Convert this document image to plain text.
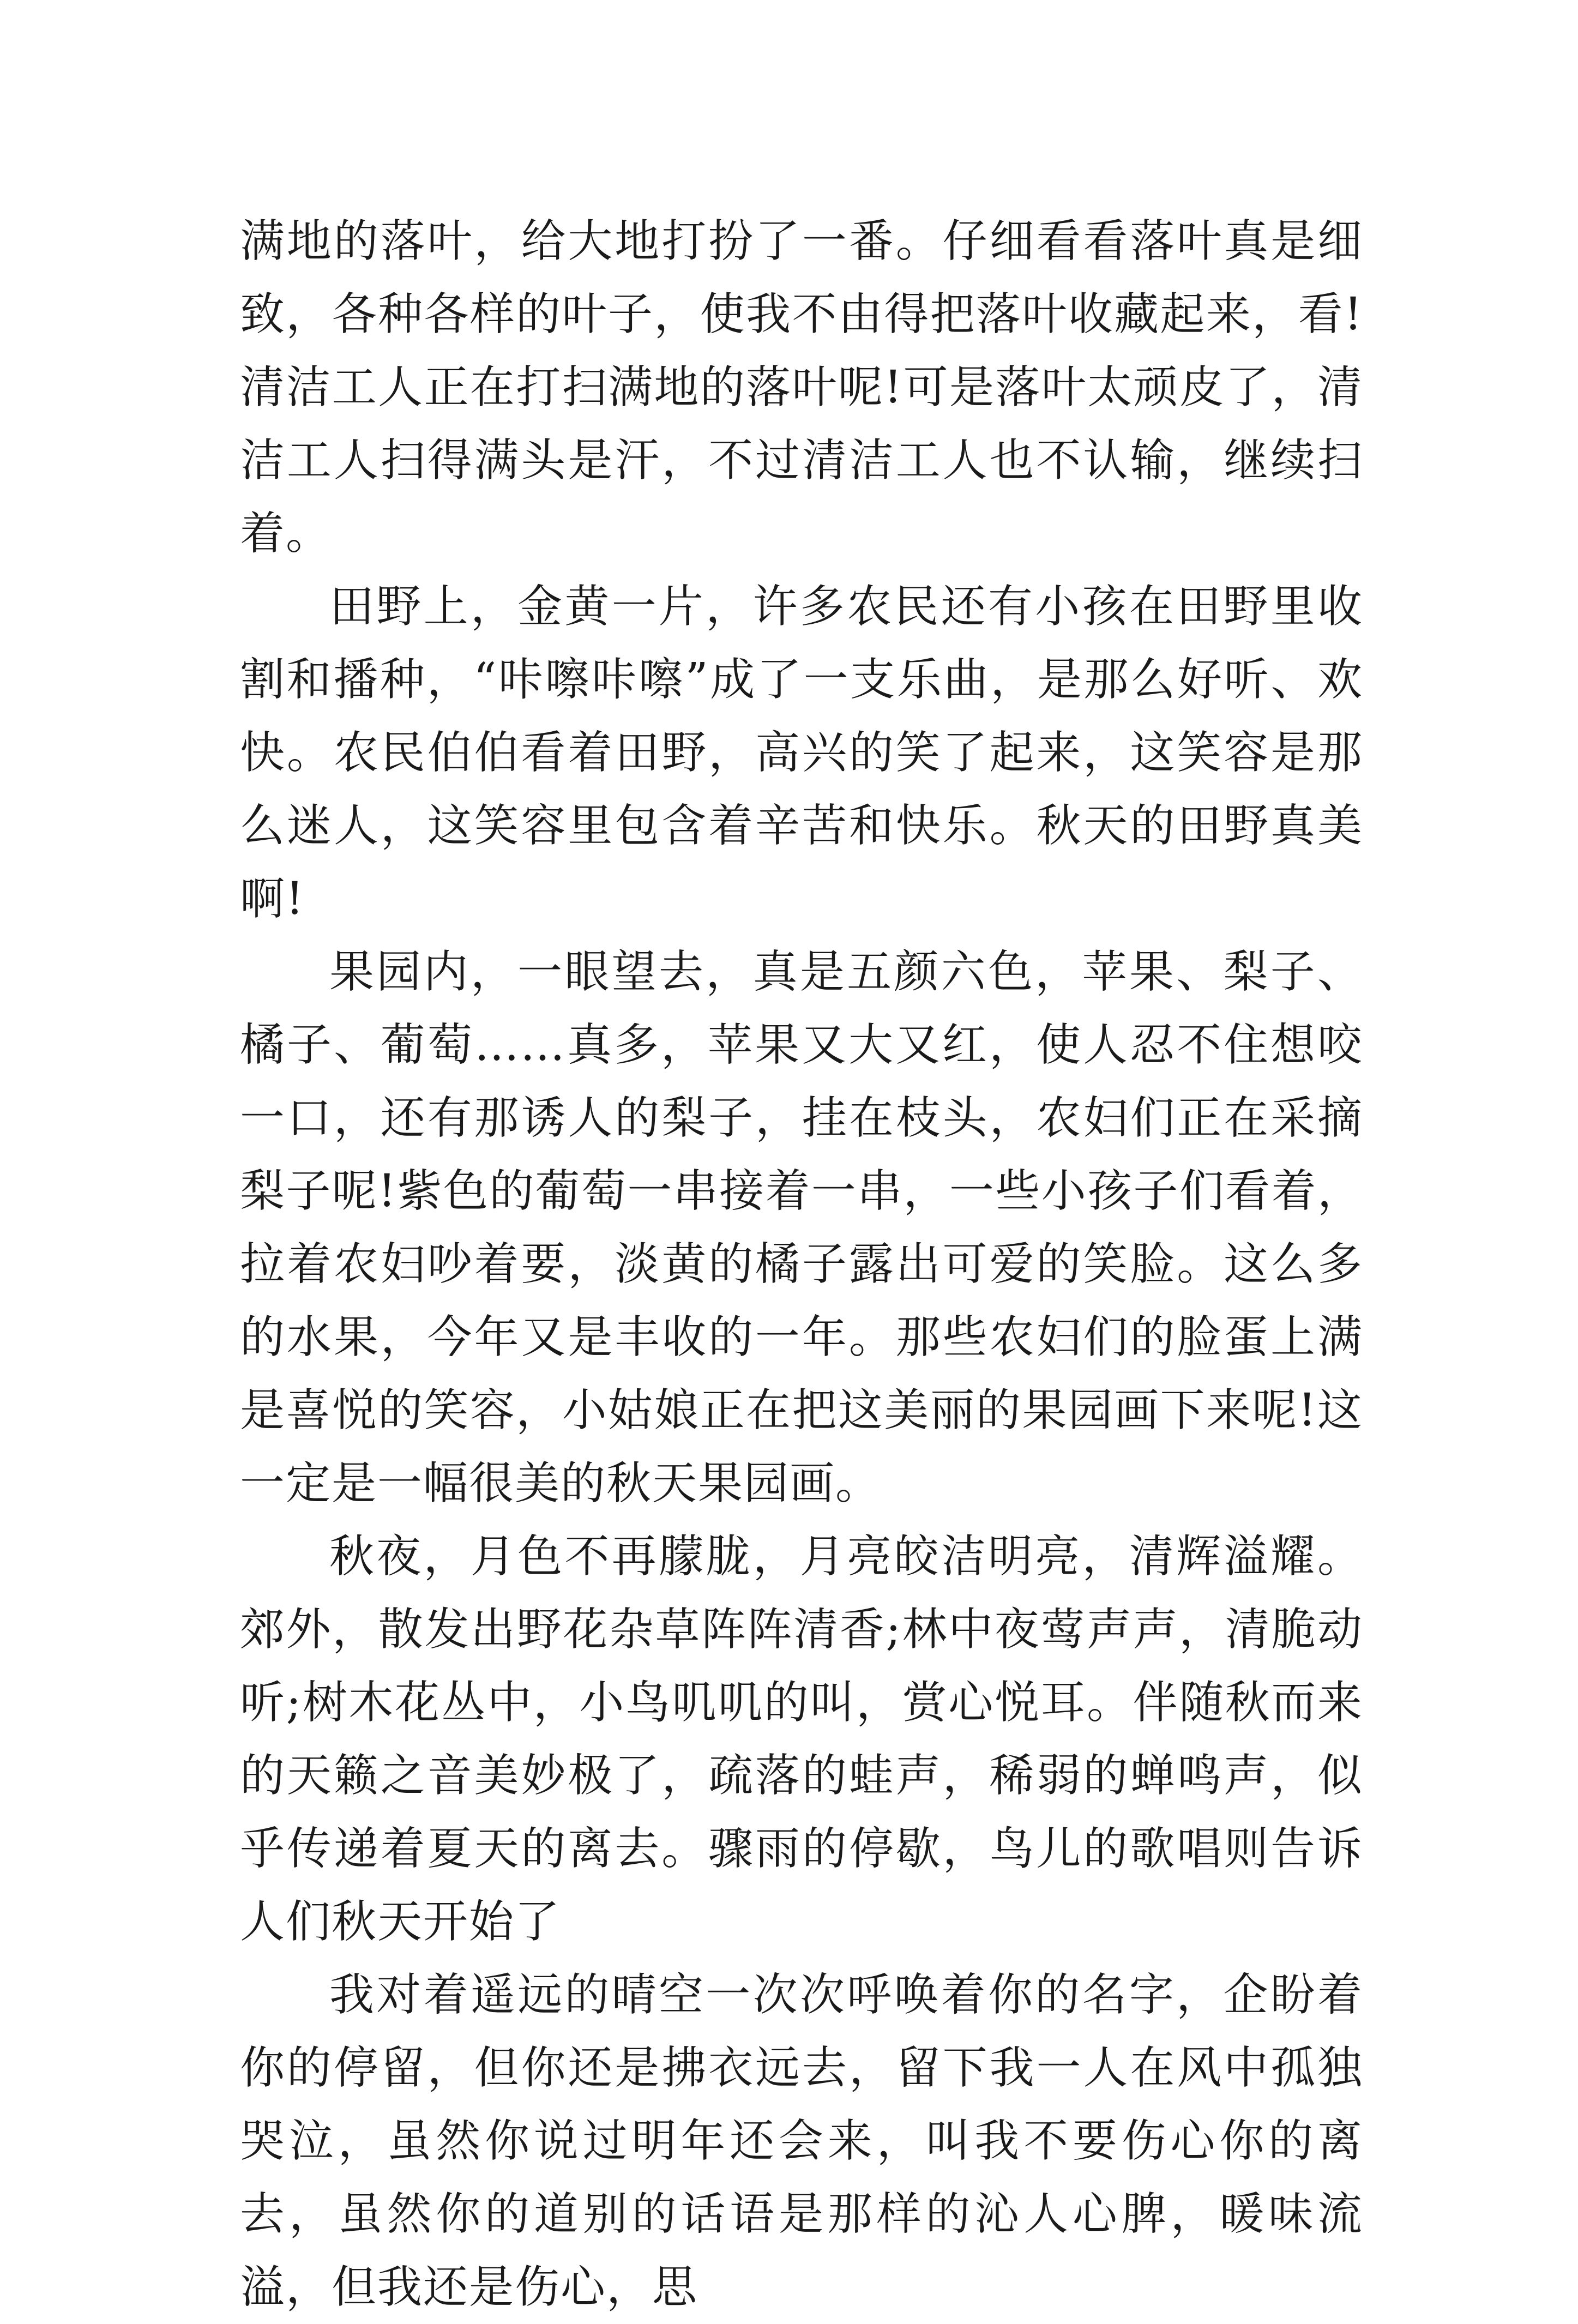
满地的落叶，给大地打扮了一番。仔细看看落叶真是细致，各种各样的叶子，使我不由得把落叶收藏起来，看!清洁工人正在打扫满地的落叶呢!可是落叶太顽皮了，清洁工人扫得满头是汗，不过清洁工人也不认输，继续扫着。

田野上，金黄一片，许多农民还有小孩在田野里收割和播种，“咔嚓咔嚓”成了一支乐曲，是那么好听、欢快。农民伯伯看着田野，高兴的笑了起来，这笑容是那么迷人，这笑容里包含着辛苦和快乐。秋天的田野真美啊!

果园内，一眼望去，真是五颜六色，苹果、梨子、橘子、葡萄……真多，苹果又大又红，使人忍不住想咬一口，还有那诱人的梨子，挂在枝头，农妇们正在采摘梨子呢!紫色的葡萄一串接着一串，一些小孩子们看着，拉着农妇吵着要，淡黄的橘子露出可爱的笑脸。这么多的水果，今年又是丰收的一年。那些农妇们的脸蛋上满是喜悦的笑容，小姑娘正在把这美丽的果园画下来呢!这一定是一幅很美的秋天果园画。

秋夜，月色不再朦胧，月亮皎洁明亮，清辉溢耀。郊外，散发出野花杂草阵阵清香;林中夜莺声声，清脆动听;树木花丛中，小鸟叽叽的叫，赏心悦耳。伴随秋而来的天籁之音美妙极了，疏落的蛙声，稀弱的蝉鸣声，似乎传递着夏天的离去。骤雨的停歇，鸟儿的歌唱则告诉人们秋天开始了

我对着遥远的晴空一次次呼唤着你的名字，企盼着你的停留，但你还是拂衣远去，留下我一人在风中孤独哭泣，虽然你说过明年还会来，叫我不要伤心你的离去，虽然你的道别的话语是那样的沁人心脾，暖味流溢，但我还是伤心，思
